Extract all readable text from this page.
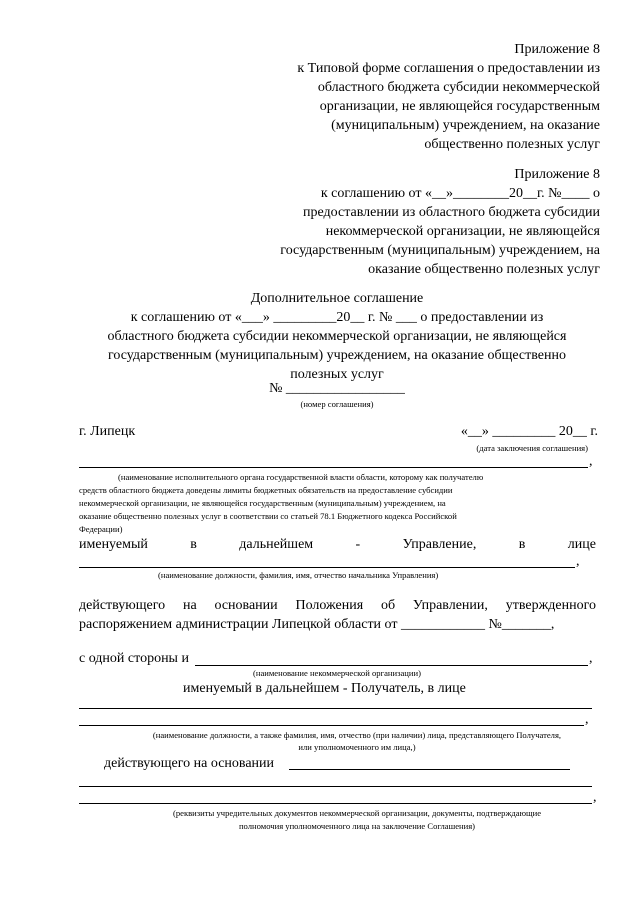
Приложение 8
к Типовой форме соглашения о предоставлении из
областного бюджета субсидии некоммерческой
организации, не являющейся государственным
(муниципальным) учреждением, на оказание
общественно полезных услуг
Приложение 8
к соглашению от «__»________20__г. №____ о
предоставлении из областного бюджета субсидии
некоммерческой организации, не являющейся
государственным (муниципальным) учреждением, на
оказание общественно полезных услуг
Дополнительное соглашение
к соглашению от «___» _________20__ г. № ___ о предоставлении из
областного бюджета субсидии некоммерческой организации, не являющейся
государственным (муниципальным) учреждением, на оказание общественно
полезных услуг
№ _________________
(номер соглашения)
г. Липецк	«__» _________ 20__ г.
(дата заключения соглашения)
,
(наименование исполнительного органа государственной власти области, которому как получателю
средств областного бюджета доведены лимиты бюджетных обязательств на предоставление субсидии
некоммерческой организации, не являющейся государственным (муниципальным) учреждением, на
оказание общественно полезных услуг в соответствии со статьей 78.1 Бюджетного кодекса Российской
Федерации)
именуемый	в	дальнейшем	-	Управление,	в	лице
,
(наименование должности, фамилия, имя, отчество начальника Управления)
действующего на основании Положения об Управлении, утвержденного
распоряжением администрации Липецкой области от ____________ №_______,
с одной стороны и	,
(наименование некоммерческой организации)
именуемый в дальнейшем - Получатель, в лице
,
(наименование должности, а также фамилия, имя, отчество (при наличии) лица, представляющего Получателя,
или уполномоченного им лица,)
действующего на основании
,
(реквизиты учредительных документов некоммерческой организации, документы, подтверждающие
полномочия уполномоченного лица на заключение Соглашения)
